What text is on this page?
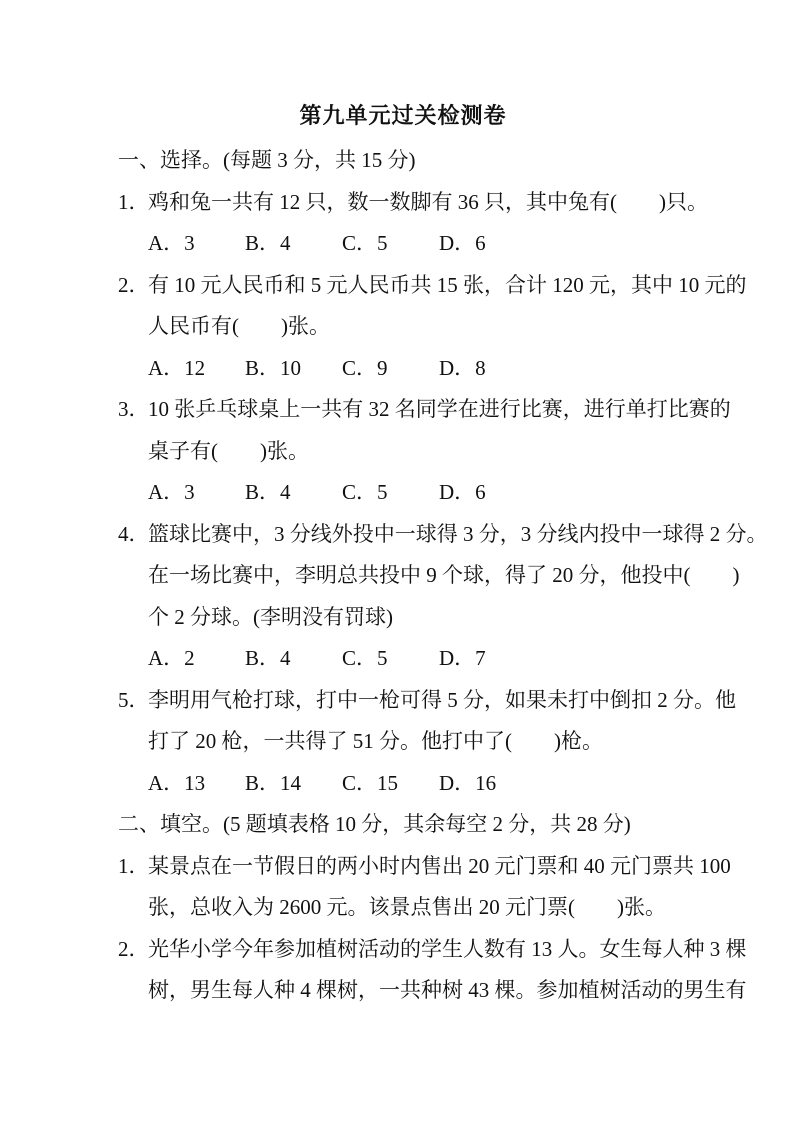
第九单元过关检测卷
一、选择。(每题 3 分，共 15 分)
1．鸡和兔一共有 12 只，数一数脚有 36 只，其中兔有(　　)只。
A．3 B．4 C．5 D．6
2．有 10 元人民币和 5 元人民币共 15 张，合计 120 元，其中 10 元的
人民币有(　　)张。
A．12 B．10 C．9 D．8
3．10 张乒乓球桌上一共有 32 名同学在进行比赛，进行单打比赛的
桌子有(　　)张。
A．3 B．4 C．5 D．6
4．篮球比赛中，3 分线外投中一球得 3 分，3 分线内投中一球得 2 分。
在一场比赛中，李明总共投中 9 个球，得了 20 分，他投中(　　)
个 2 分球。(李明没有罚球)
A．2 B．4 C．5 D．7
5．李明用气枪打球，打中一枪可得 5 分，如果未打中倒扣 2 分。他
打了 20 枪，一共得了 51 分。他打中了(　　)枪。
A．13 B．14 C．15 D．16
二、填空。(5 题填表格 10 分，其余每空 2 分，共 28 分)
1．某景点在一节假日的两小时内售出 20 元门票和 40 元门票共 100
张，总收入为 2600 元。该景点售出 20 元门票(　　)张。
2．光华小学今年参加植树活动的学生人数有 13 人。女生每人种 3 棵
树，男生每人种 4 棵树，一共种树 43 棵。参加植树活动的男生有
